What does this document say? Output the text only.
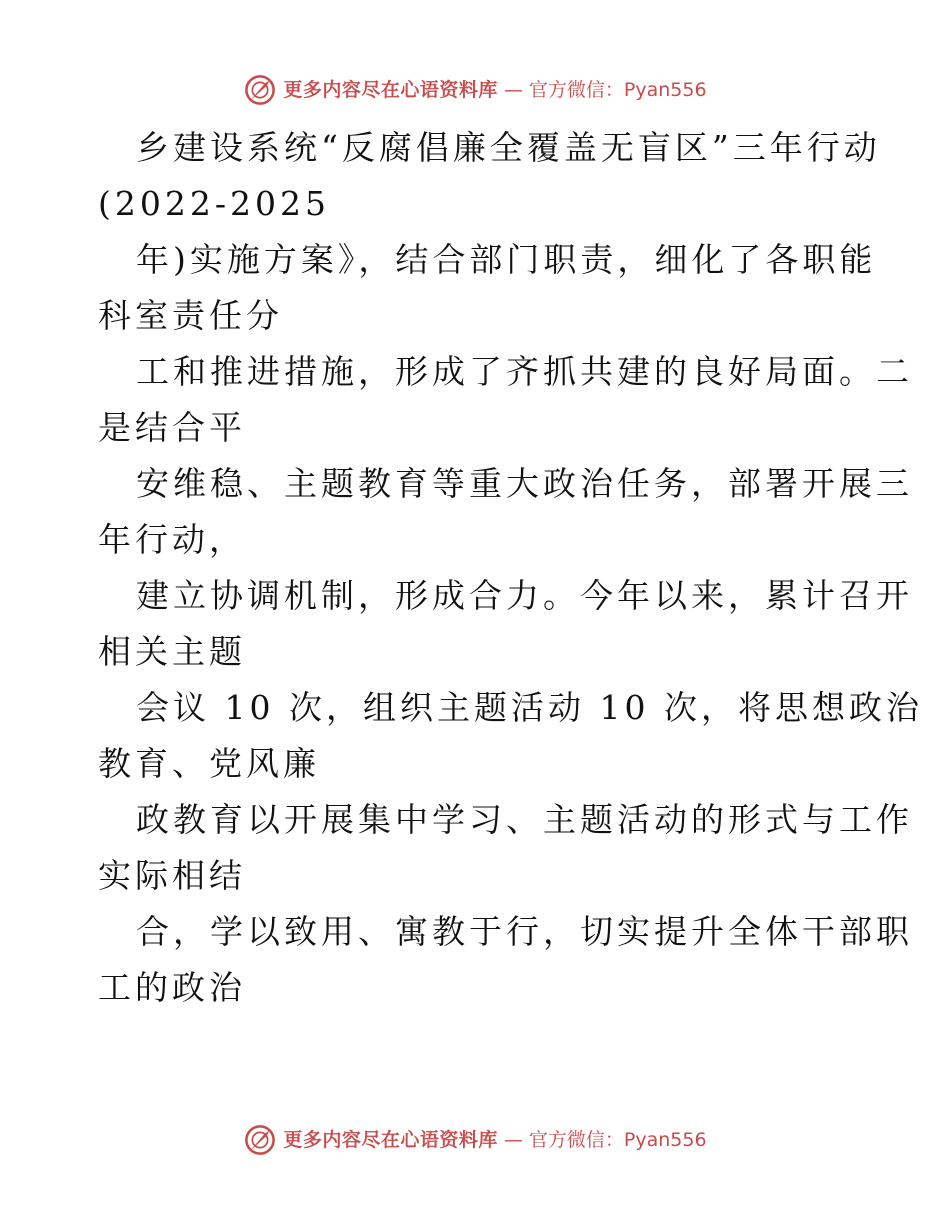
更多内容尽在心语资料库 — 官方微信：Pyan556
乡建设系统“反腐倡廉全覆盖无盲区”三年行动
(2022-2025
年)实施方案》，结合部门职责，细化了各职能
科室责任分
工和推进措施，形成了齐抓共建的良好局面。二
是结合平
安维稳、主题教育等重大政治任务，部署开展三
年行动，
建立协调机制，形成合力。今年以来，累计召开
相关主题
会议 10 次，组织主题活动 10 次，将思想政治
教育、党风廉
政教育以开展集中学习、主题活动的形式与工作
实际相结
合，学以致用、寓教于行，切实提升全体干部职
工的政治
更多内容尽在心语资料库 — 官方微信：Pyan556
